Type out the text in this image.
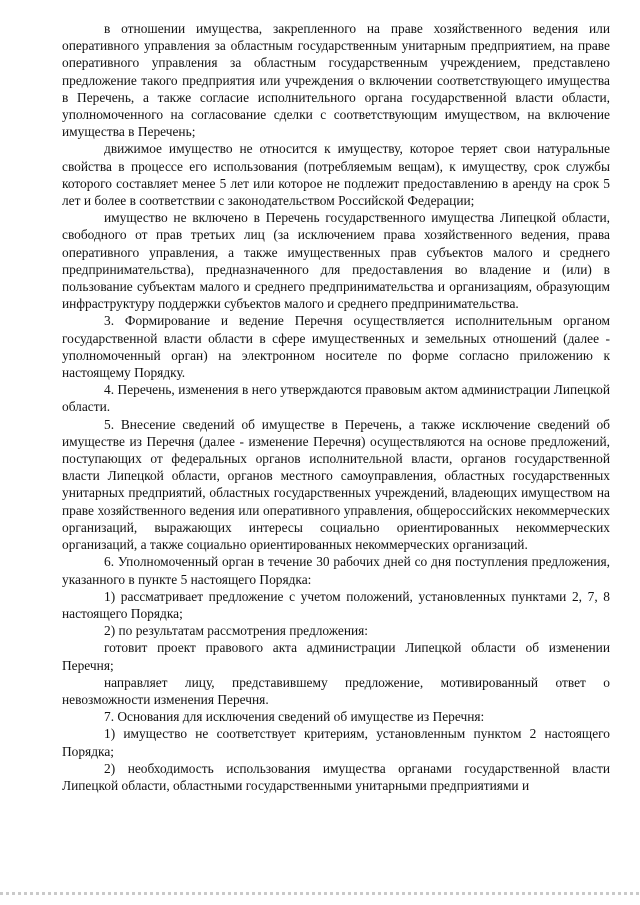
в отношении имущества, закрепленного на праве хозяйственного ведения или оперативного управления за областным государственным унитарным предприятием, на праве оперативного управления за областным государственным учреждением, представлено предложение такого предприятия или учреждения о включении соответствующего имущества в Перечень, а также согласие исполнительного органа государственной власти области, уполномоченного на согласование сделки с соответствующим имуществом, на включение имущества в Перечень;

движимое имущество не относится к имуществу, которое теряет свои натуральные свойства в процессе его использования (потребляемым вещам), к имуществу, срок службы которого составляет менее 5 лет или которое не подлежит предоставлению в аренду на срок 5 лет и более в соответствии с законодательством Российской Федерации;

имущество не включено в Перечень государственного имущества Липецкой области, свободного от прав третьих лиц (за исключением права хозяйственного ведения, права оперативного управления, а также имущественных прав субъектов малого и среднего предпринимательства), предназначенного для предоставления во владение и (или) в пользование субъектам малого и среднего предпринимательства и организациям, образующим инфраструктуру поддержки субъектов малого и среднего предпринимательства.

3. Формирование и ведение Перечня осуществляется исполнительным органом государственной власти области в сфере имущественных и земельных отношений (далее - уполномоченный орган) на электронном носителе по форме согласно приложению к настоящему Порядку.

4. Перечень, изменения в него утверждаются правовым актом администрации Липецкой области.

5. Внесение сведений об имуществе в Перечень, а также исключение сведений об имуществе из Перечня (далее - изменение Перечня) осуществляются на основе предложений, поступающих от федеральных органов исполнительной власти, органов государственной власти Липецкой области, органов местного самоуправления, областных государственных унитарных предприятий, областных государственных учреждений, владеющих имуществом на праве хозяйственного ведения или оперативного управления, общероссийских некоммерческих организаций, выражающих интересы социально ориентированных некоммерческих организаций, а также социально ориентированных некоммерческих организаций.

6. Уполномоченный орган в течение 30 рабочих дней со дня поступления предложения, указанного в пункте 5 настоящего Порядка:

1) рассматривает предложение с учетом положений, установленных пунктами 2, 7, 8 настоящего Порядка;

2) по результатам рассмотрения предложения:

готовит проект правового акта администрации Липецкой области об изменении Перечня;

направляет лицу, представившему предложение, мотивированный ответ о невозможности изменения Перечня.

7. Основания для исключения сведений об имуществе из Перечня:

1) имущество не соответствует критериям, установленным пунктом 2 настоящего Порядка;

2) необходимость использования имущества органами государственной власти Липецкой области, областными государственными унитарными предприятиями и
